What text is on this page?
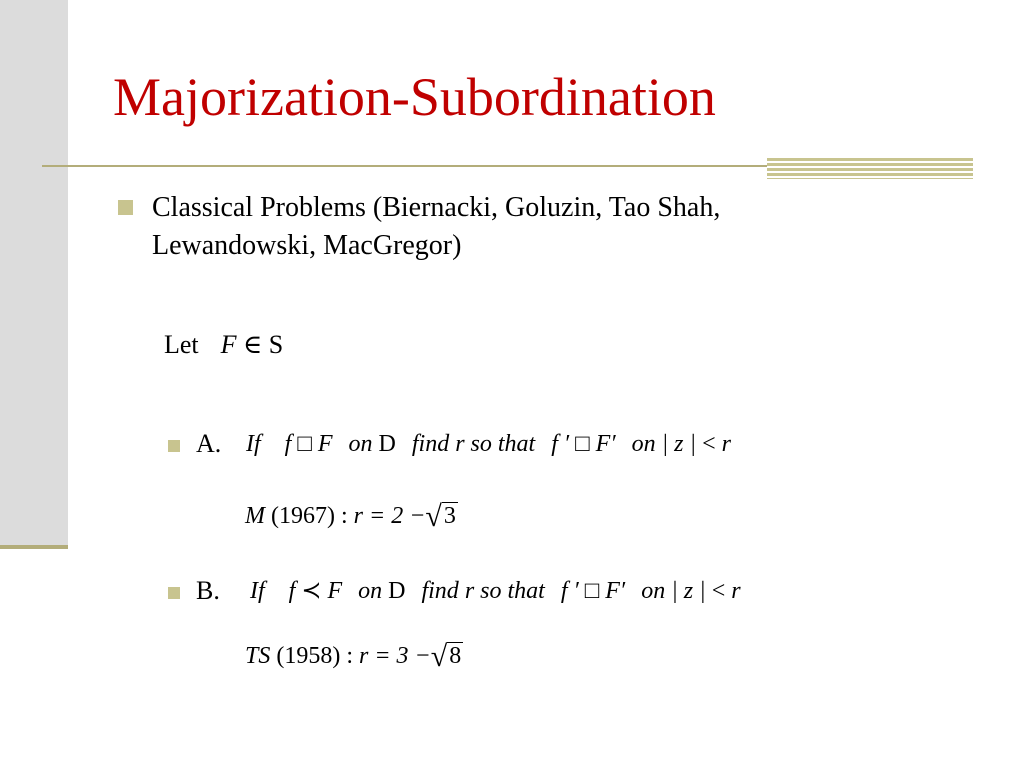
Majorization-Subordination
Classical Problems (Biernacki, Goluzin, Tao Shah, Lewandowski, MacGregor)
Let F ∈ S
A. If f □ F on D find r so that f ′ □ F′ on | z | < r
M (1967) : r = 2 −√3
B. If f ≺ F on D find r so that f ′ □ F′ on | z | < r
TS (1958) : r = 3 −√8
